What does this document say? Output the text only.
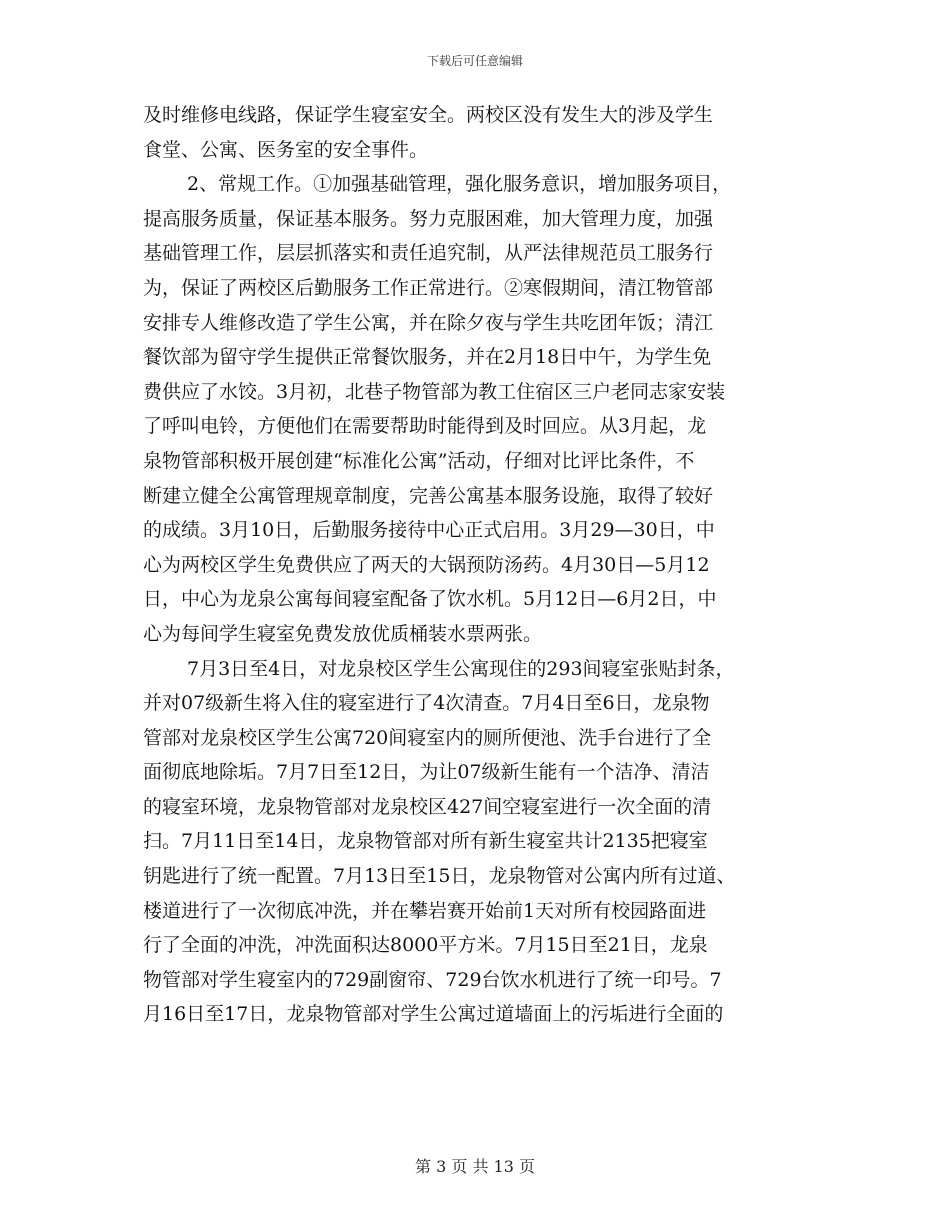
下载后可任意编辑
及时维修电线路，保证学生寝室安全。两校区没有发生大的涉及学生
食堂、公寓、医务室的安全事件。
2、常规工作。①加强基础管理，强化服务意识，增加服务项目，
提高服务质量，保证基本服务。努力克服困难，加大管理力度，加强
基础管理工作，层层抓落实和责任追究制，从严法律规范员工服务行
为，保证了两校区后勤服务工作正常进行。②寒假期间，清江物管部
安排专人维修改造了学生公寓，并在除夕夜与学生共吃团年饭；清江
餐饮部为留守学生提供正常餐饮服务，并在2月18日中午，为学生免
费供应了水饺。3月初，北巷子物管部为教工住宿区三户老同志家安装
了呼叫电铃，方便他们在需要帮助时能得到及时回应。从3月起，龙
泉物管部积极开展创建“标准化公寓”活动，仔细对比评比条件，不
断建立健全公寓管理规章制度，完善公寓基本服务设施，取得了较好
的成绩。3月10日，后勤服务接待中心正式启用。3月29—30日，中
心为两校区学生免费供应了两天的大锅预防汤药。4月30日—5月12
日，中心为龙泉公寓每间寝室配备了饮水机。5月12日—6月2日，中
心为每间学生寝室免费发放优质桶装水票两张。
7月3日至4日，对龙泉校区学生公寓现住的293间寝室张贴封条，
并对07级新生将入住的寝室进行了4次清查。7月4日至6日，龙泉物
管部对龙泉校区学生公寓720间寝室内的厕所便池、洗手台进行了全
面彻底地除垢。7月7日至12日，为让07级新生能有一个洁净、清洁
的寝室环境，龙泉物管部对龙泉校区427间空寝室进行一次全面的清
扫。7月11日至14日，龙泉物管部对所有新生寝室共计2135把寝室
钥匙进行了统一配置。7月13日至15日，龙泉物管对公寓内所有过道、
楼道进行了一次彻底冲洗，并在攀岩赛开始前1天对所有校园路面进
行了全面的冲洗，冲洗面积达8000平方米。7月15日至21日，龙泉
物管部对学生寝室内的729副窗帘、729台饮水机进行了统一印号。7
月16日至17日，龙泉物管部对学生公寓过道墙面上的污垢进行全面的
第 3 页 共 13 页
